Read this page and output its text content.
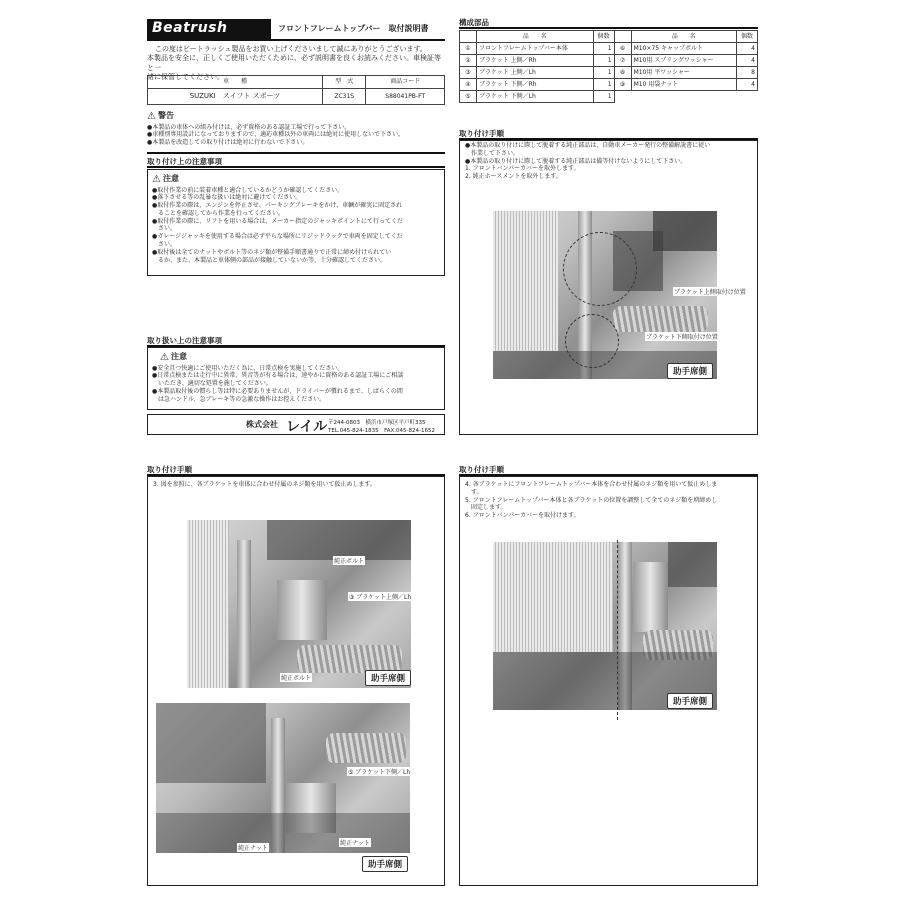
Beatrush	フロントフレームトップバー　取付説明書
この度はビートラッシュ製品をお買い上げくださいまして誠にありがとうございます。
本製品を安全に、正しくご使用いただくために、必ず説明書を良くお読みください。車検証等と一
緒に保管してください。
車　　種	型　式	商品コード
SUZUKI　スイフト スポーツ	ZC31S	S88041PB-FT
⚠ 警告
●本製品の車体への組み付けは、必ず資格のある認証工場で行って下さい。
●車種別専用設計になっておりますので、適応車種以外の車両には絶対に使用しないで下さい。
●本製品を改造しての取り付けは絶対に行わないで下さい。
取り付け上の注意事項
⚠ 注意
●取付作業の前に装着車種と適合しているかどうか確認してください。
●落下させる等の乱暴な扱いは絶対に避けてください。
●取付作業の際は、エンジンを停止させ、パーキングブレーキをかけ、車輌が確実に固定され
　ることを確認してから作業を行ってください。
●取付作業の際に、リフトを用いる場合は、メーカー指定のジャッキポイントにて行ってくだ
　さい。
●ガレージジャッキを使用する場合は必ず平らな場所にリジッドラックで車両を固定してくだ
　さい。
●取付後は全てのナットやボルト等のネジ類が整備手順書通りで正常に締め付けられてい
　るか、また、本製品と車体側の部品が接触していないか等、十分確認してください。
取り扱い上の注意事項
⚠ 注意
●安全且つ快適にご使用いただく為に、日常点検を実施してください。
●日常点検または走行中に異常、異音等が有る場合は、速やかに資格のある認証工場にご相談
　いただき、適切な処置を施してください。
●本製品取付後の慣らし等は特に必要ありませんが、ドライバーが慣れるまで、しばらくの間
　は急ハンドル、急ブレーキ等の急激な操作はお控えください。
株式会社 レイル 〒244-0803　横浜市戸塚区平戸町335
TEL.045-824-1835　FAX.045-824-1652
構成部品
	品　　名	個数		品　　名	個数
①	フロントフレームトップバー本体	1	⑥	M10×75 キャップボルト	4
②	ブラケット 上側／Rh	1	⑦	M10用 スプリングワッシャー	4
③	ブラケット 上側／Lh	1	⑧	M10用 平ワッシャー	8
④	ブラケット 下側／Rh	1	⑨	M10 用袋ナット	4
⑤	ブラケット 下側／Lh	1			
取り付け手順
●本製品の取り付けに際して脱着する純正部品は、自動車メーカー発行の整備解説書に従い
　作業して下さい。
●本製品の取り付けに際して脱着する純正部品は備等付けないようにして下さい。
1. フロントバンパーカバーを取外します。
2. 純正ホースメントを取外します。
ブラケット上側取付け位置
ブラケット下側取付け位置
助手席側
取り付け手順
3. 図を参照に、各ブラケットを車体に合わせ付属のネジ類を用いて仮止めします。
純正ボルト
③ ブラケット上側／Lh
純正ボルト	助手席側
⑤ ブラケット下側／Lh
純正ナット
純正ナット
助手席側
取り付け手順
4. 各ブラケットにフロントフレームトップバー本体を合わせ付属のネジ類を用いて仮止めしま
　す。
5. フロントフレームトップバー本体と各ブラケットの位置を調整して全てのネジ類を増締めし
　固定します。
6. フロントバンパーカバーを取付けます。
助手席側
